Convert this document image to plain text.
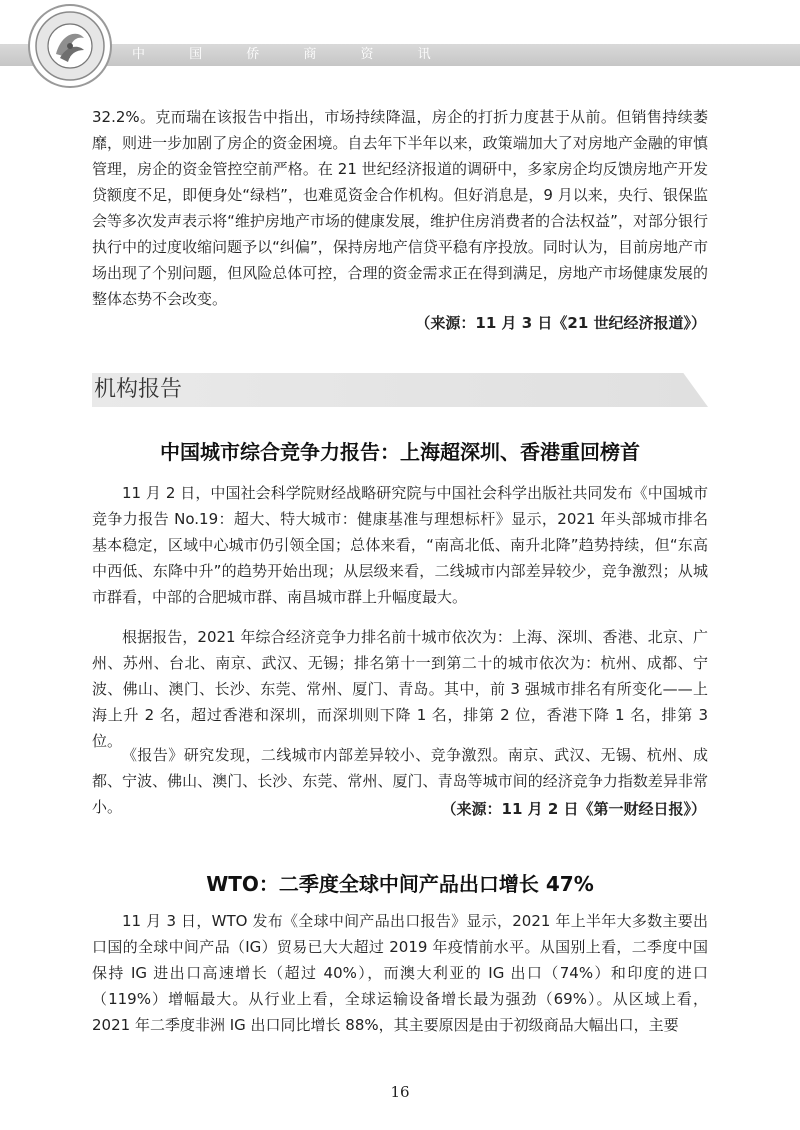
中 国 侨 商 资 讯

32.2%。克而瑞在该报告中指出，市场持续降温，房企的打折力度甚于从前。但销售持续萎靡，则进一步加剧了房企的资金困境。自去年下半年以来，政策端加大了对房地产金融的审慎管理，房企的资金管控空前严格。在 21 世纪经济报道的调研中，多家房企均反馈房地产开发贷额度不足，即便身处“绿档”，也难觅资金合作机构。但好消息是，9 月以来，央行、银保监会等多次发声表示将“维护房地产市场的健康发展，维护住房消费者的合法权益”，对部分银行执行中的过度收缩问题予以“纠偏”，保持房地产信贷平稳有序投放。同时认为，目前房地产市场出现了个别问题，但风险总体可控，合理的资金需求正在得到满足，房地产市场健康发展的整体态势不会改变。

（来源：11 月 3 日《21 世纪经济报道》）
机构报告
中国城市综合竞争力报告：上海超深圳、香港重回榜首

11 月 2 日，中国社会科学院财经战略研究院与中国社会科学出版社共同发布《中国城市竞争力报告 No.19：超大、特大城市：健康基准与理想标杆》显示，2021 年头部城市排名基本稳定，区域中心城市仍引领全国；总体来看，“南高北低、南升北降”趋势持续，但“东高中西低、东降中升”的趋势开始出现；从层级来看，二线城市内部差异较少，竞争激烈；从城市群看，中部的合肥城市群、南昌城市群上升幅度最大。

根据报告，2021 年综合经济竞争力排名前十城市依次为：上海、深圳、香港、北京、广州、苏州、台北、南京、武汉、无锡；排名第十一到第二十的城市依次为：杭州、成都、宁波、佛山、澳门、长沙、东莞、常州、厦门、青岛。其中，前 3 强城市排名有所变化——上海上升 2 名，超过香港和深圳，而深圳则下降 1 名，排第 2 位，香港下降 1 名，排第 3 位。

《报告》研究发现，二线城市内部差异较小、竞争激烈。南京、武汉、无锡、杭州、成都、宁波、佛山、澳门、长沙、东莞、常州、厦门、青岛等城市间的经济竞争力指数差异非常小。	（来源：11 月 2 日《第一财经日报》）
WTO：二季度全球中间产品出口增长 47%

11 月 3 日，WTO 发布《全球中间产品出口报告》显示，2021 年上半年大多数主要出口国的全球中间产品（IG）贸易已大大超过 2019 年疫情前水平。从国别上看，二季度中国保持 IG 进出口高速增长（超过 40%），而澳大利亚的 IG 出口（74%）和印度的进口（119%）增幅最大。从行业上看，全球运输设备增长最为强劲（69%）。从区域上看，2021 年二季度非洲 IG 出口同比增长 88%，其主要原因是由于初级商品大幅出口，主要

16
